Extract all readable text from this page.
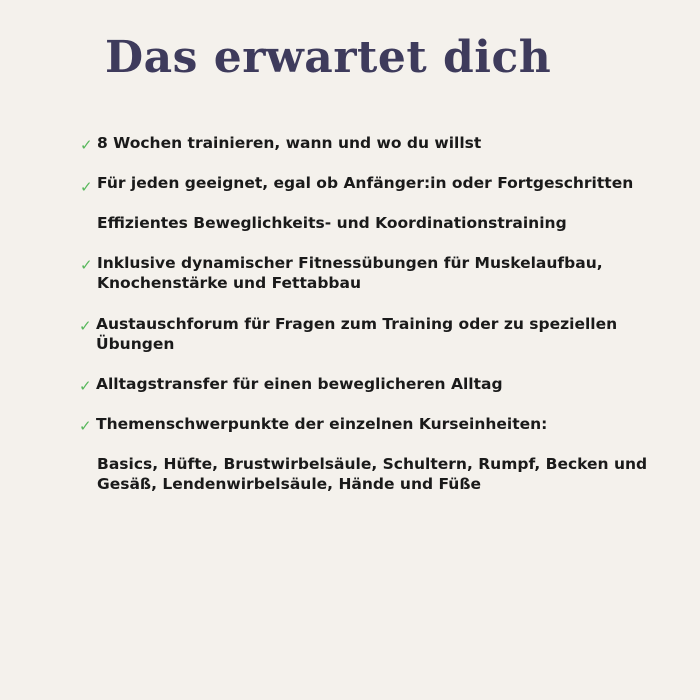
Das erwartet dich
✓ 8 Wochen trainieren, wann und wo du willst
✓ Für jeden geeignet, egal ob Anfänger:in oder Fortgeschritten
Effizientes Beweglichkeits- und Koordinationstraining
✓ Inklusive dynamischer Fitnessübungen für Muskelaufbau,
Knochenstärke und Fettabbau
✓ Austauschforum für Fragen zum Training oder zu speziellen
Übungen
✓ Alltagstransfer für einen beweglicheren Alltag
✓ Themenschwerpunkte der einzelnen Kurseinheiten:
Basics, Hüfte, Brustwirbelsäule, Schultern, Rumpf, Becken und
Gesäß, Lendenwirbelsäule, Hände und Füße
